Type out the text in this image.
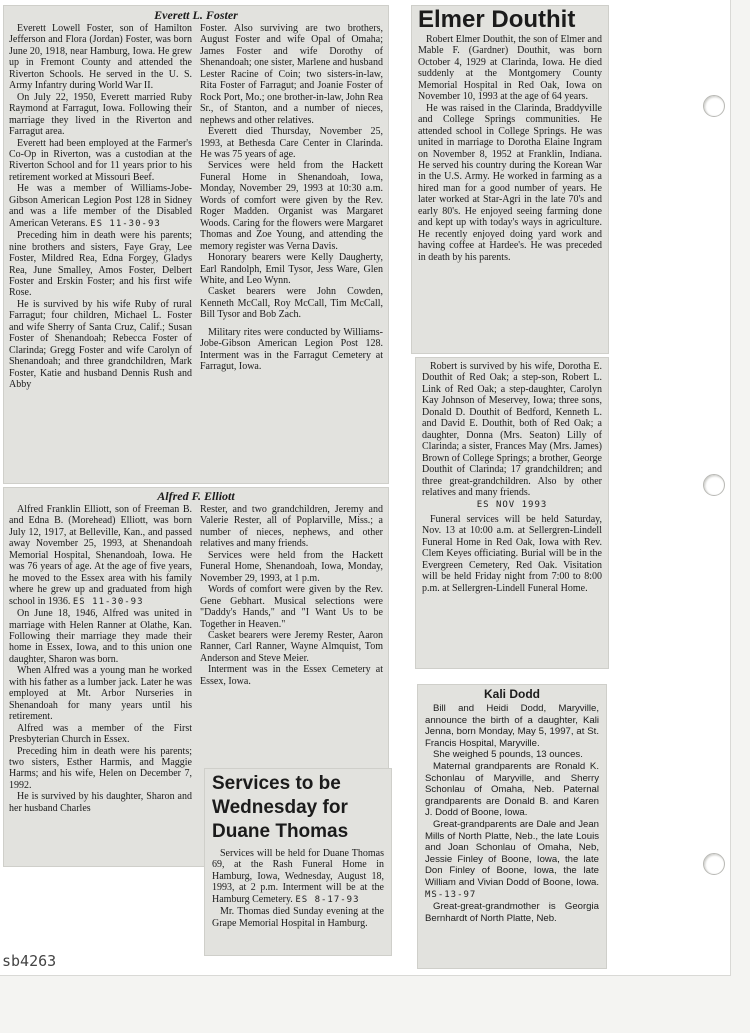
Everett L. Foster

Everett Lowell Foster, son of Hamilton Jefferson and Flora (Jordan) Foster, was born June 20, 1918, near Hamburg, Iowa. He grew up in Fremont County and attended the Riverton Schools. He served in the U. S. Army Infantry during World War II.

On July 22, 1950, Everett married Ruby Raymond at Farragut, Iowa. Following their marriage they lived in the Riverton and Farragut area.

Everett had been employed at the Farmer's Co-Op in Riverton, was a custodian at the Riverton School and for 11 years prior to his retirement worked at Missouri Beef.

He was a member of Williams-Jobe-Gibson American Legion Post 128 in Sidney and was a life member of the Disabled American Veterans. ES 11-30-93

Preceding him in death were his parents; nine brothers and sisters, Faye Gray, Lee Foster, Mildred Rea, Edna Forgey, Gladys Rea, June Smalley, Amos Foster, Delbert Foster and Erskin Foster; and his first wife Rose.

He is survived by his wife Ruby of rural Farragut; four children, Michael L. Foster and wife Sherry of Santa Cruz, Calif.; Susan Foster of Shenandoah; Rebecca Foster of Clarinda; Gregg Foster and wife Carolyn of Shenandoah; and three grandchildren, Mark Foster, Katie and husband Dennis Rush and Abby

Foster. Also surviving are two brothers, August Foster and wife Opal of Omaha; James Foster and wife Dorothy of Shenandoah; one sister, Marlene and husband Lester Racine of Coin; two sisters-in-law, Rita Foster of Farragut; and Joanie Foster of Rock Port, Mo.; one brother-in-law, John Rea Sr., of Stanton, and a number of nieces, nephews and other relatives.

Everett died Thursday, November 25, 1993, at Bethesda Care Center in Clarinda. He was 75 years of age.

Services were held from the Hackett Funeral Home in Shenandoah, Iowa, Monday, November 29, 1993 at 10:30 a.m. Words of comfort were given by the Rev. Roger Madden. Organist was Margaret Woods. Caring for the flowers were Margaret Thomas and Zoe Young, and attending the memory register was Verna Davis.

Honorary bearers were Kelly Daugherty, Earl Randolph, Emil Tysor, Jess Ware, Glen White, and Leo Wynn.

Casket bearers were John Cowden, Kenneth McCall, Roy McCall, Tim McCall, Bill Tysor and Bob Zach.

Military rites were conducted by Williams-Jobe-Gibson American Legion Post 128. Interment was in the Farragut Cemetery at Farragut, Iowa.

Alfred F. Elliott

Alfred Franklin Elliott, son of Freeman B. and Edna B. (Morehead) Elliott, was born July 12, 1917, at Belleville, Kan., and passed away November 25, 1993, at Shenandoah Memorial Hospital, Shenandoah, Iowa. He was 76 years of age. At the age of five years, he moved to the Essex area with his family where he grew up and graduated from high school in 1936. ES 11-30-93

On June 18, 1946, Alfred was united in marriage with Helen Ranner at Olathe, Kan. Following their marriage they made their home in Essex, Iowa, and to this union one daughter, Sharon was born.

When Alfred was a young man he worked with his father as a lumber jack. Later he was employed at Mt. Arbor Nurseries in Shenandoah for many years until his retirement.

Alfred was a member of the First Presbyterian Church in Essex.

Preceding him in death were his parents; two sisters, Esther Harmis, and Maggie Harms; and his wife, Helen on December 7, 1992.

He is survived by his daughter, Sharon and her husband Charles

Rester, and two grandchildren, Jeremy and Valerie Rester, all of Poplarville, Miss.; a number of nieces, nephews, and other relatives and many friends.

Services were held from the Hackett Funeral Home, Shenandoah, Iowa, Monday, November 29, 1993, at 1 p.m.

Words of comfort were given by the Rev. Gene Gebhart. Musical selections were "Daddy's Hands," and "I Want Us to be Together in Heaven."

Casket bearers were Jeremy Rester, Aaron Ranner, Carl Ranner, Wayne Almquist, Tom Anderson and Steve Meier.

Interment was in the Essex Cemetery at Essex, Iowa.

Services to be Wednesday for Duane Thomas

Services will be held for Duane Thomas 69, at the Rash Funeral Home in Hamburg, Iowa, Wednesday, August 18, 1993, at 2 p.m. Interment will be at the Hamburg Cemetery. ES 8-17-93

Mr. Thomas died Sunday evening at the Grape Memorial Hospital in Hamburg.

Elmer Douthit

Robert Elmer Douthit, the son of Elmer and Mable F. (Gardner) Douthit, was born October 4, 1929 at Clarinda, Iowa. He died suddenly at the Montgomery County Memorial Hospital in Red Oak, Iowa on November 10, 1993 at the age of 64 years.

He was raised in the Clarinda, Braddyville and College Springs communities. He attended school in College Springs. He was united in marriage to Dorotha Elaine Ingram on November 8, 1952 at Franklin, Indiana. He served his country during the Korean War in the U.S. Army. He worked in farming as a hired man for a good number of years. He later worked at Star-Agri in the late 70's and early 80's. He enjoyed seeing farming done and kept up with today's ways in agriculture. He recently enjoyed doing yard work and having coffee at Hardee's. He was preceded in death by his parents.

Robert is survived by his wife, Dorotha E. Douthit of Red Oak; a step-son, Robert L. Link of Red Oak; a step-daughter, Carolyn Kay Johnson of Meservey, Iowa; three sons, Donald D. Douthit of Bedford, Kenneth L. and David E. Douthit, both of Red Oak; a daughter, Donna (Mrs. Seaton) Lilly of Clarinda; a sister, Frances May (Mrs. James) Brown of College Springs; a brother, George Douthit of Clarinda; 17 grandchildren; and three great-grandchildren. Also by other relatives and many friends.

ES NOV 1993

Funeral services will be held Saturday, Nov. 13 at 10:00 a.m. at Sellergren-Lindell Funeral Home in Red Oak, Iowa with Rev. Clem Keyes officiating. Burial will be in the Evergreen Cemetery, Red Oak. Visitation will be held Friday night from 7:00 to 8:00 p.m. at Sellergren-Lindell Funeral Home.

Kali Dodd

Bill and Heidi Dodd, Maryville, announce the birth of a daughter, Kali Jenna, born Monday, May 5, 1997, at St. Francis Hospital, Maryville.

She weighed 5 pounds, 13 ounces.

Maternal grandparents are Ronald K. Schonlau of Maryville, and Sherry Schonlau of Omaha, Neb. Paternal grandparents are Donald B. and Karen J. Dodd of Boone, Iowa.

Great-grandparents are Dale and Jean Mills of North Platte, Neb., the late Louis and Joan Schonlau of Omaha, Neb, Jessie Finley of Boone, Iowa, the late Don Finley of Boone, Iowa, the late William and Vivian Dodd of Boone, Iowa. MS-13-97

Great-great-grandmother is Georgia Bernhardt of North Platte, Neb.

sb4263
